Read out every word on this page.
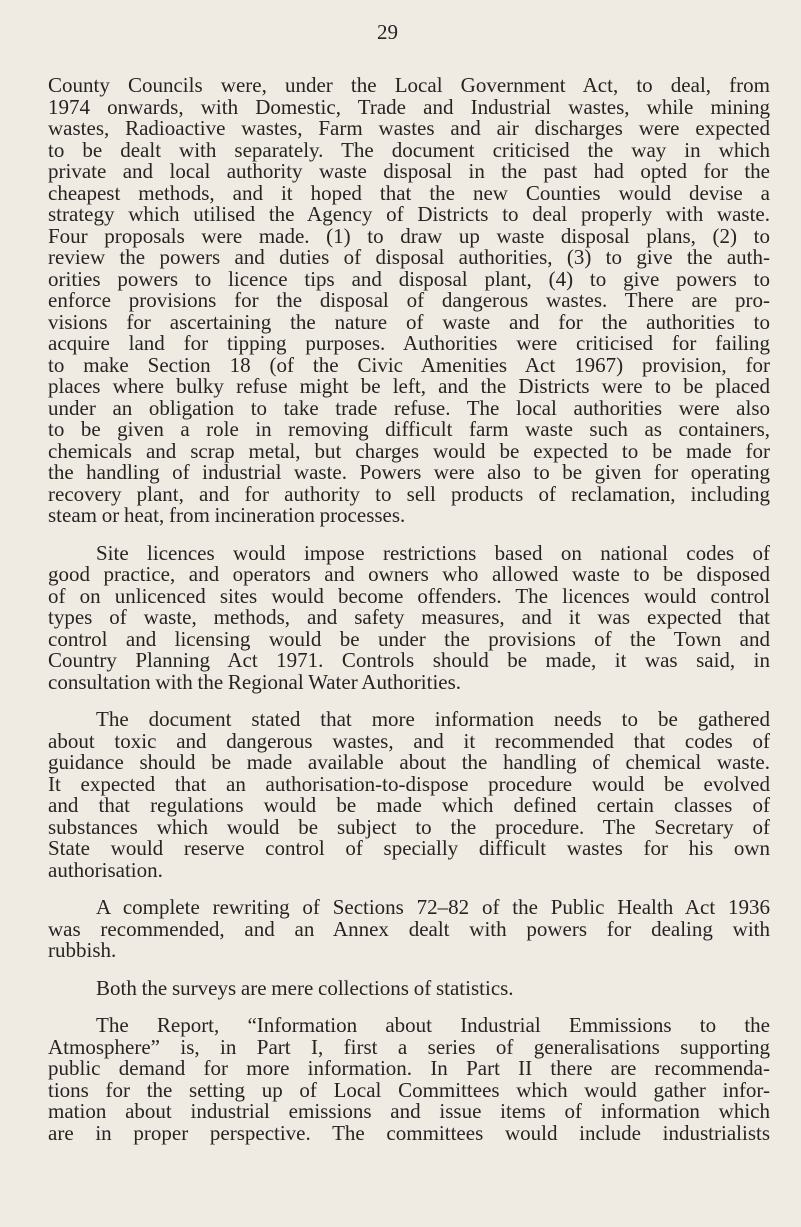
29
County Councils were, under the Local Government Act, to deal, from
1974 onwards, with Domestic, Trade and Industrial wastes, while mining
wastes, Radioactive wastes, Farm wastes and air discharges were expected
to be dealt with separately. The document criticised the way in which
private and local authority waste disposal in the past had opted for the
cheapest methods, and it hoped that the new Counties would devise a
strategy which utilised the Agency of Districts to deal properly with waste.
Four proposals were made. (1) to draw up waste disposal plans, (2) to
review the powers and duties of disposal authorities, (3) to give the auth-
orities powers to licence tips and disposal plant, (4) to give powers to
enforce provisions for the disposal of dangerous wastes. There are pro-
visions for ascertaining the nature of waste and for the authorities to
acquire land for tipping purposes. Authorities were criticised for failing
to make Section 18 (of the Civic Amenities Act 1967) provision, for
places where bulky refuse might be left, and the Districts were to be placed
under an obligation to take trade refuse. The local authorities were also
to be given a role in removing difficult farm waste such as containers,
chemicals and scrap metal, but charges would be expected to be made for
the handling of industrial waste. Powers were also to be given for operating
recovery plant, and for authority to sell products of reclamation, including
steam or heat, from incineration processes.
Site licences would impose restrictions based on national codes of
good practice, and operators and owners who allowed waste to be disposed
of on unlicenced sites would become offenders. The licences would control
types of waste, methods, and safety measures, and it was expected that
control and licensing would be under the provisions of the Town and
Country Planning Act 1971. Controls should be made, it was said, in
consultation with the Regional Water Authorities.
The document stated that more information needs to be gathered
about toxic and dangerous wastes, and it recommended that codes of
guidance should be made available about the handling of chemical waste.
It expected that an authorisation-to-dispose procedure would be evolved
and that regulations would be made which defined certain classes of
substances which would be subject to the procedure. The Secretary of
State would reserve control of specially difficult wastes for his own
authorisation.
A complete rewriting of Sections 72–82 of the Public Health Act 1936
was recommended, and an Annex dealt with powers for dealing with
rubbish.
Both the surveys are mere collections of statistics.
The Report, “Information about Industrial Emmissions to the
Atmosphere” is, in Part I, first a series of generalisations supporting
public demand for more information. In Part II there are recommenda-
tions for the setting up of Local Committees which would gather infor-
mation about industrial emissions and issue items of information which
are in proper perspective. The committees would include industrialists
